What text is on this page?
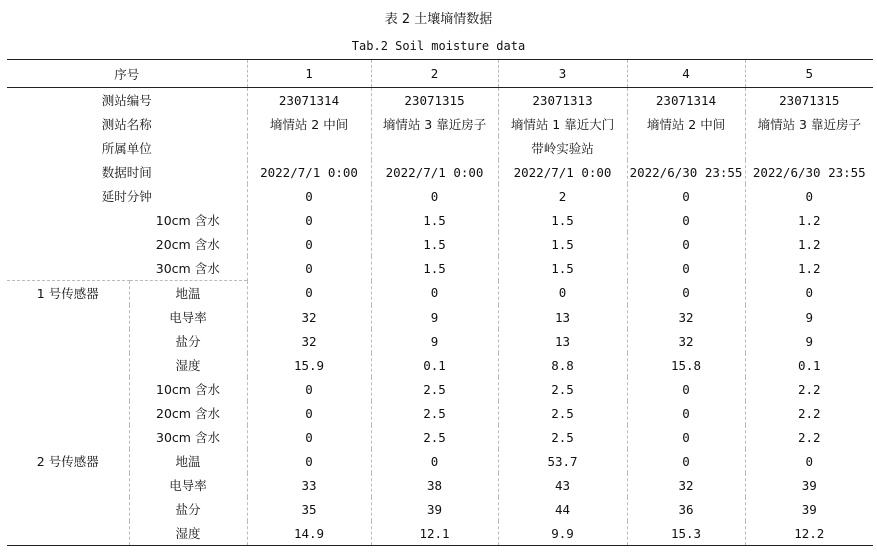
表 2 土壤墒情数据
Tab.2 Soil moisture data
序号		1	2	3	4	5
测站编号		23071314	23071315	23071313	23071314	23071315
测站名称		墒情站 2 中间	墒情站 3 靠近房子	墒情站 1 靠近大门	墒情站 2 中间	墒情站 3 靠近房子
所属单位				带岭实验站		
数据时间		2022/7/1 0:00	2022/7/1 0:00	2022/7/1 0:00	2022/6/30 23:55	2022/6/30 23:55
延时分钟		0	0	2	0	0
	10cm 含水	0	1.5	1.5	0	1.2
	20cm 含水	0	1.5	1.5	0	1.2
	30cm 含水	0	1.5	1.5	0	1.2
1 号传感器	地温	0	0	0	0	0
	电导率	32	9	13	32	9
	盐分	32	9	13	32	9
	湿度	15.9	0.1	8.8	15.8	0.1
	10cm 含水	0	2.5	2.5	0	2.2
	20cm 含水	0	2.5	2.5	0	2.2
	30cm 含水	0	2.5	2.5	0	2.2
2 号传感器	地温	0	0	53.7	0	0
	电导率	33	38	43	32	39
	盐分	35	39	44	36	39
	湿度	14.9	12.1	9.9	15.3	12.2
